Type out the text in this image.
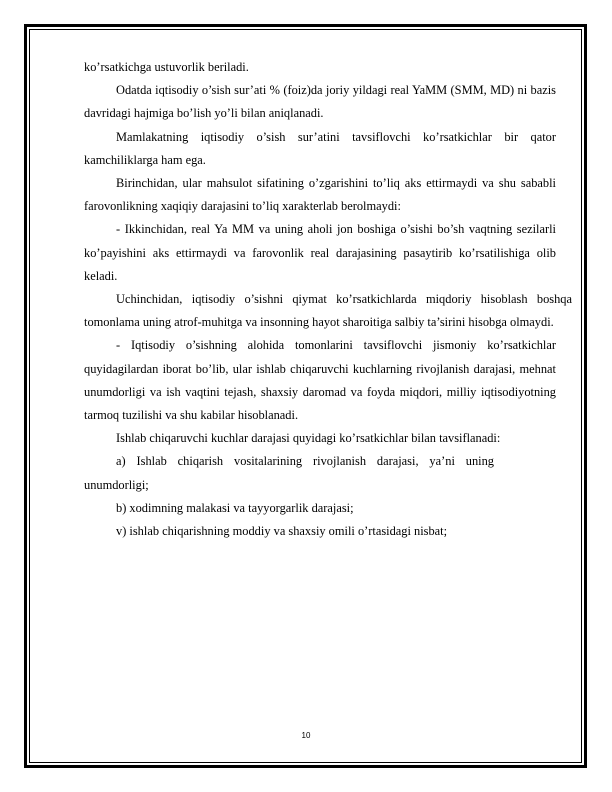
ko’rsatkichga ustuvorlik beriladi.

Odatda iqtisodiy o’sish sur’ati % (foiz)da joriy yildagi real YaMM (SMM, MD) ni bazis davridagi hajmiga bo’lish yo’li bilan aniqlanadi.

Mamlakatning iqtisodiy o’sish sur’atini tavsiflovchi ko’rsatkichlar bir qator kamchiliklarga ham ega.

Birinchidan, ular mahsulot sifatining o’zgarishini to’liq aks ettirmaydi va shu sababli farovonlikning xaqiqiy darajasini to’liq xarakterlab berolmaydi:

- Ikkinchidan, real Ya MM va uning aholi jon boshiga o’sishi bo’sh vaqtning sezilarli ko’payishini aks ettirmaydi va farovonlik real darajasining pasaytirib ko’rsatilishiga olib keladi.

Uchinchidan, iqtisodiy o’sishni qiymat ko’rsatkichlarda miqdoriy hisoblash boshqa tomonlama uning atrof-muhitga va insonning hayot sharoitiga salbiy ta’sirini hisobga olmaydi.

- Iqtisodiy o’sishning alohida tomonlarini tavsiflovchi jismoniy ko’rsatkichlar quyidagilardan iborat bo’lib, ular ishlab chiqaruvchi kuchlarning rivojlanish darajasi, mehnat unumdorligi va ish vaqtini tejash, shaxsiy daromad va foyda miqdori, milliy iqtisodiyotning tarmoq tuzilishi va shu kabilar hisoblanadi.

Ishlab chiqaruvchi kuchlar darajasi quyidagi ko’rsatkichlar bilan tavsiflanadi:

a) Ishlab chiqarish vositalarining rivojlanish darajasi, ya’ni uning unumdorligi;

b) xodimning malakasi va tayyorgarlik darajasi;

v) ishlab chiqarishning moddiy va shaxsiy omili o’rtasidagi nisbat;

10
